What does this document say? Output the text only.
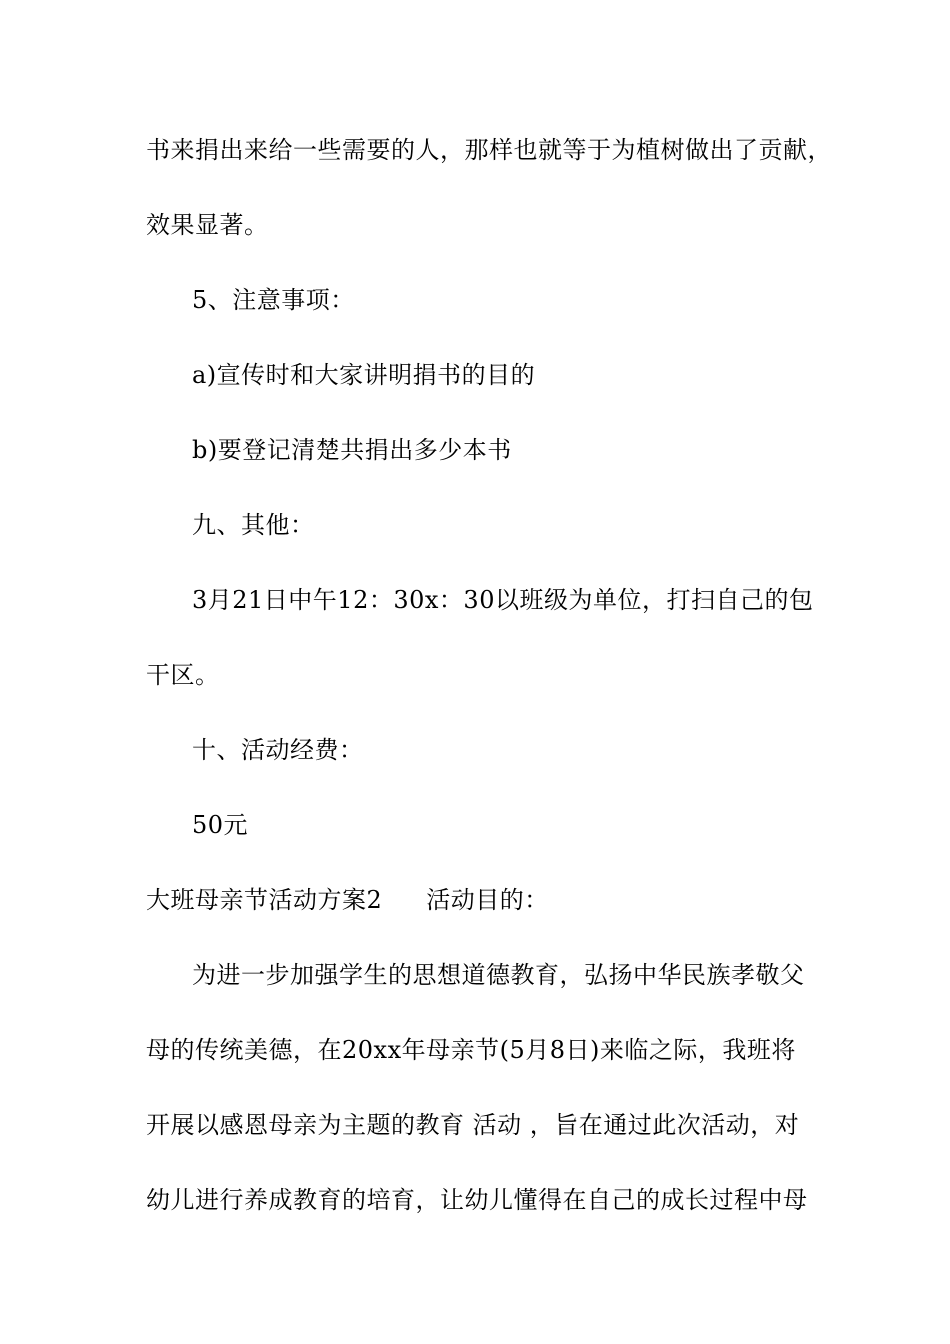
书来捐出来给一些需要的人，那样也就等于为植树做出了贡献，
效果显著。
5、注意事项：
a)宣传时和大家讲明捐书的目的
b)要登记清楚共捐出多少本书
九、其他：
3月21日中午12：30x：30以班级为单位，打扫自己的包
干区。
十、活动经费：
50元
大班母亲节活动方案2 活动目的：
为进一步加强学生的思想道德教育，弘扬中华民族孝敬父
母的传统美德，在20xx年母亲节(5月8日)来临之际，我班将
开展以感恩母亲为主题的教育 活动 ，旨在通过此次活动，对
幼儿进行养成教育的培育，让幼儿懂得在自己的成长过程中母
